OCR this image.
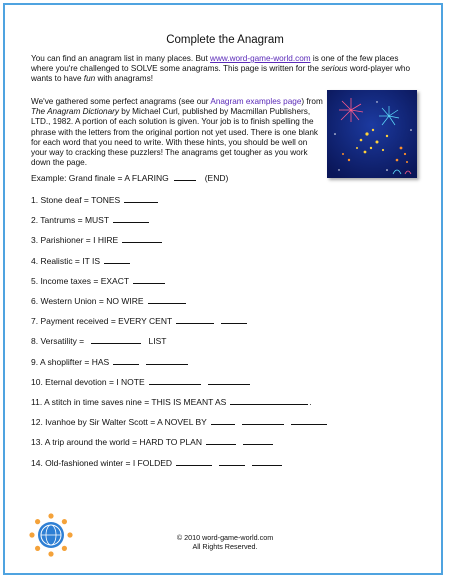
Complete the Anagram
You can find an anagram list in many places. But www.word-game-world.com is one of the few places where you're challenged to SOLVE some anagrams. This page is written for the serious word-player who wants to have fun with anagrams!
We've gathered some perfect anagrams (see our Anagram examples page) from The Anagram Dictionary by Michael Curl, published by Macmillan Publishers, LTD., 1982. A portion of each solution is given. Your job is to finish spelling the phrase with the letters from the original portion not yet used. There is one blank for each word that you need to write. With these hints, you should be well on your way to cracking these puzzlers! The anagrams get tougher as you work down the page.
Example: Grand finale = A FLARING	(END)
1. Stone deaf = TONES
2. Tantrums = MUST
3. Parishioner = I HIRE
4. Realistic = IT IS
5. Income taxes = EXACT
6. Western Union = NO WIRE
7. Payment received = EVERY CENT
8. Versatility =	LIST
9. A shoplifter = HAS
10. Eternal devotion = I NOTE
11. A stitch in time saves nine = THIS IS MEANT AS	.
12. Ivanhoe by Sir Walter Scott = A NOVEL BY
13. A trip around the world = HARD TO PLAN
14. Old-fashioned winter = I FOLDED
© 2010 word-game-world.com
All Rights Reserved.
